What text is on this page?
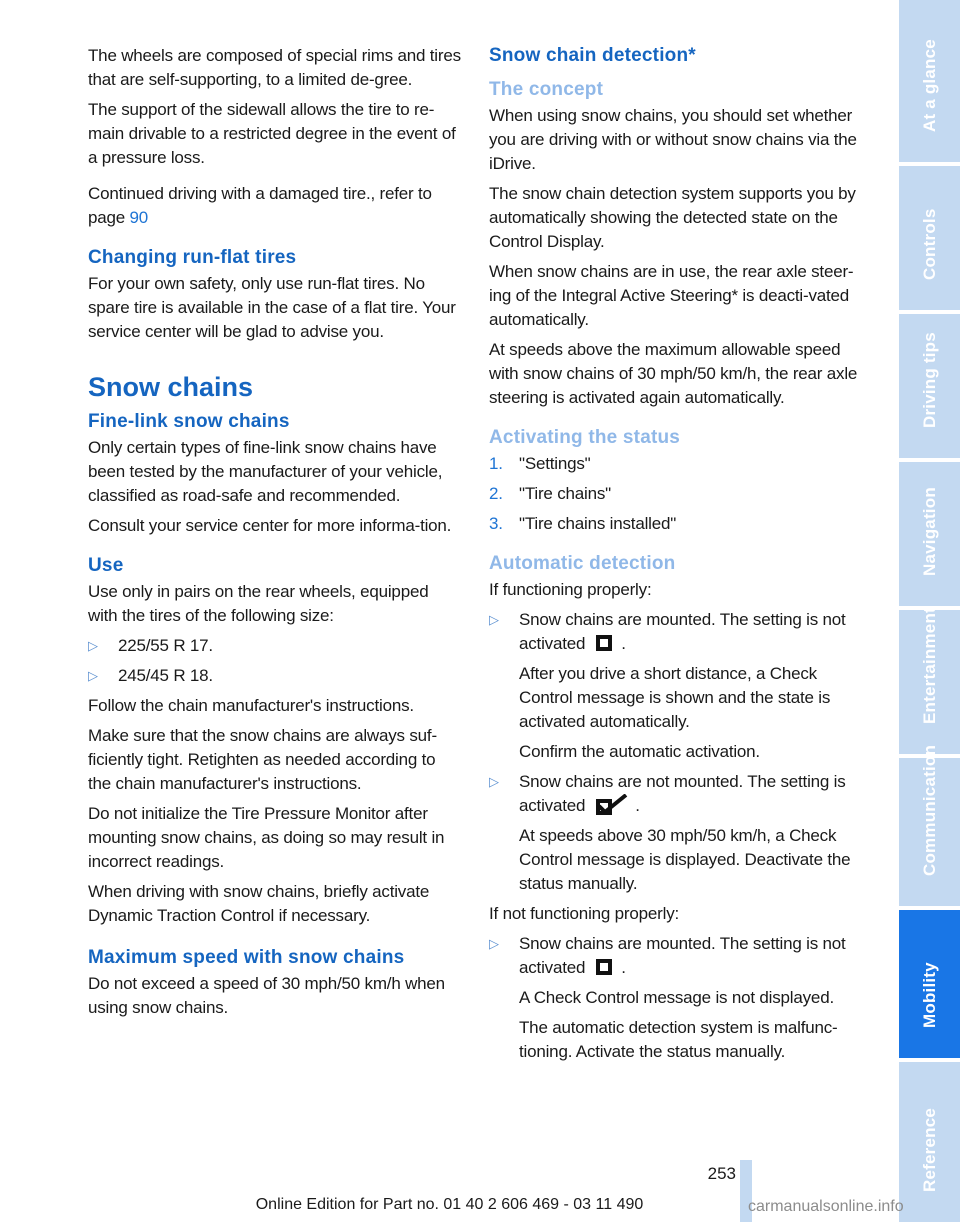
The wheels are composed of special rims and tires that are self-supporting, to a limited de-gree.

The support of the sidewall allows the tire to re-main drivable to a restricted degree in the event of a pressure loss.

Continued driving with a damaged tire., refer to page 90

Changing run-flat tires

For your own safety, only use run-flat tires. No spare tire is available in the case of a flat tire. Your service center will be glad to advise you.

Snow chains
Fine-link snow chains

Only certain types of fine-link snow chains have been tested by the manufacturer of your vehicle, classified as road-safe and recommended.

Consult your service center for more informa-tion.

Use

Use only in pairs on the rear wheels, equipped with the tires of the following size:

▷ 225/55 R 17.
▷ 245/45 R 18.

Follow the chain manufacturer's instructions.

Make sure that the snow chains are always suf-ficiently tight. Retighten as needed according to the chain manufacturer's instructions.

Do not initialize the Tire Pressure Monitor after mounting snow chains, as doing so may result in incorrect readings.

When driving with snow chains, briefly activate Dynamic Traction Control if necessary.

Maximum speed with snow chains

Do not exceed a speed of 30 mph/50 km/h when using snow chains.

Snow chain detection*
The concept

When using snow chains, you should set whether you are driving with or without snow chains via the iDrive.

The snow chain detection system supports you by automatically showing the detected state on the Control Display.

When snow chains are in use, the rear axle steer-ing of the Integral Active Steering* is deacti-vated automatically.

At speeds above the maximum allowable speed with snow chains of 30 mph/50 km/h, the rear axle steering is activated again automatically.

Activating the status
1. "Settings"
2. "Tire chains"
3. "Tire chains installed"
Automatic detection

If functioning properly:

▷ Snow chains are mounted. The setting is not activated .
After you drive a short distance, a Check Control message is shown and the state is activated automatically.
Confirm the automatic activation.
▷ Snow chains are not mounted. The setting is activated	.
At speeds above 30 mph/50 km/h, a Check Control message is displayed. Deactivate the status manually.

If not functioning properly:

▷ Snow chains are mounted. The setting is not activated .
A Check Control message is not displayed.
The automatic detection system is malfunc-tioning. Activate the status manually.
At a glance
Controls
Driving tips
Navigation
Entertainment
Communication
Mobility
Reference
253
Online Edition for Part no. 01 40 2 606 469 - 03 11 490	carmanualsonline.info
